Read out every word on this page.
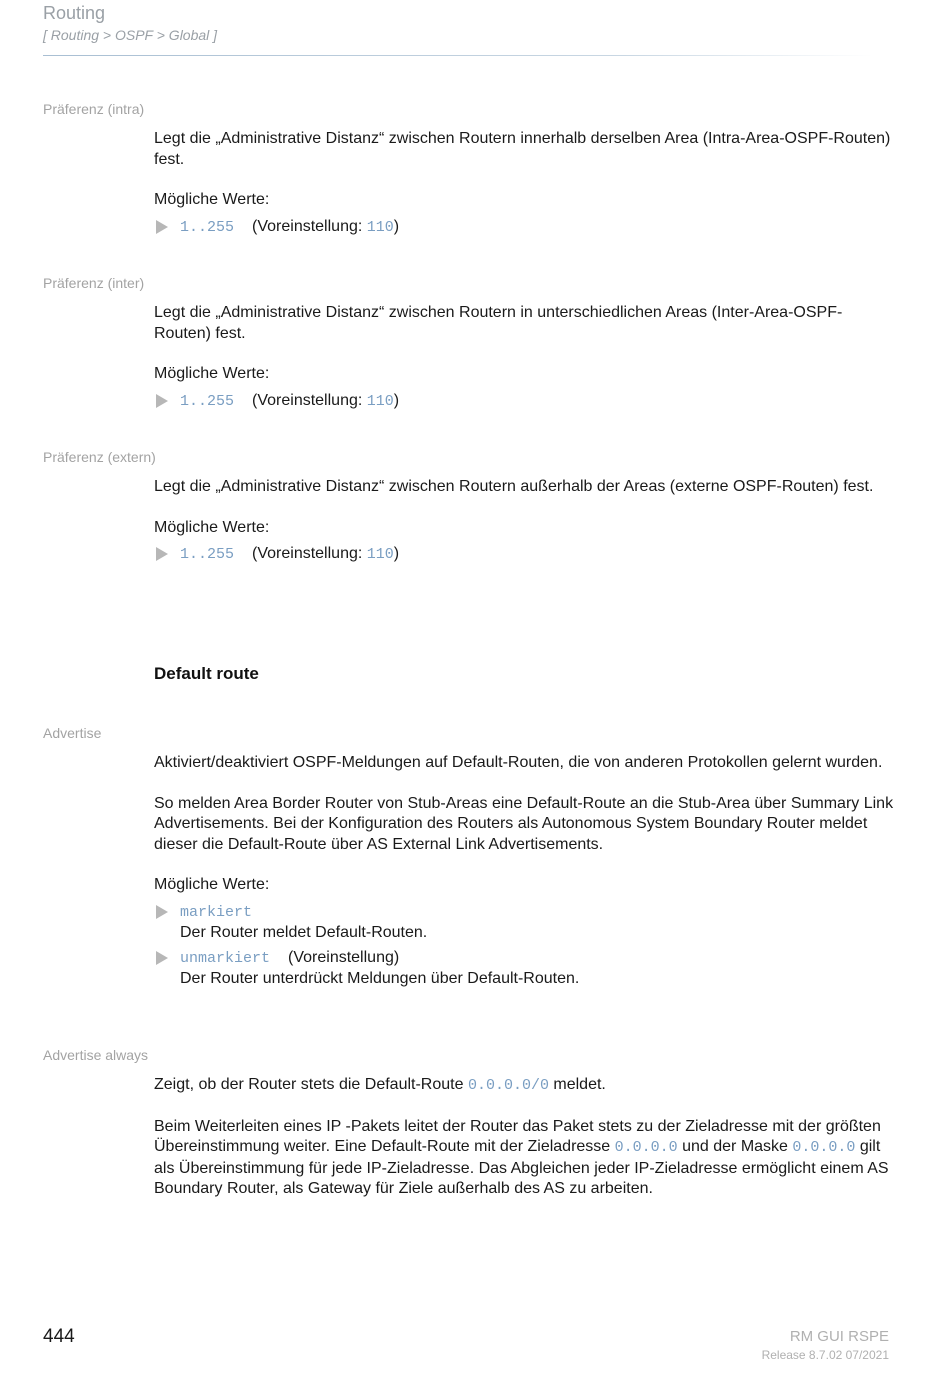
Routing
[ Routing > OSPF > Global ]
Präferenz (intra)

Legt die „Administrative Distanz“ zwischen Routern innerhalb derselben Area (Intra-Area-OSPF-Routen) fest.

Mögliche Werte:
1..255 (Voreinstellung: 110)
Präferenz (inter)

Legt die „Administrative Distanz“ zwischen Routern in unterschiedlichen Areas (Inter-Area-OSPF-Routen) fest.

Mögliche Werte:
1..255 (Voreinstellung: 110)
Präferenz (extern)

Legt die „Administrative Distanz“ zwischen Routern außerhalb der Areas (externe OSPF-Routen) fest.

Mögliche Werte:
1..255 (Voreinstellung: 110)
Default route
Advertise

Aktiviert/deaktiviert OSPF-Meldungen auf Default-Routen, die von anderen Protokollen gelernt wurden.

So melden Area Border Router von Stub-Areas eine Default-Route an die Stub-Area über Summary Link Advertisements. Bei der Konfiguration des Routers als Autonomous System Boundary Router meldet dieser die Default-Route über AS External Link Advertisements.

Mögliche Werte:
markiert
Der Router meldet Default-Routen.
unmarkiert (Voreinstellung)
Der Router unterdrückt Meldungen über Default-Routen.
Advertise always

Zeigt, ob der Router stets die Default-Route 0.0.0.0/0 meldet.

Beim Weiterleiten eines IP -Pakets leitet der Router das Paket stets zu der Zieladresse mit der größten Übereinstimmung weiter. Eine Default-Route mit der Zieladresse 0.0.0.0 und der Maske 0.0.0.0 gilt als Übereinstimmung für jede IP-Zieladresse. Das Abgleichen jeder IP-Zieladresse ermöglicht einem AS Boundary Router, als Gateway für Ziele außerhalb des AS zu arbeiten.

444	RM GUI RSPE
Release 8.7.02 07/2021
